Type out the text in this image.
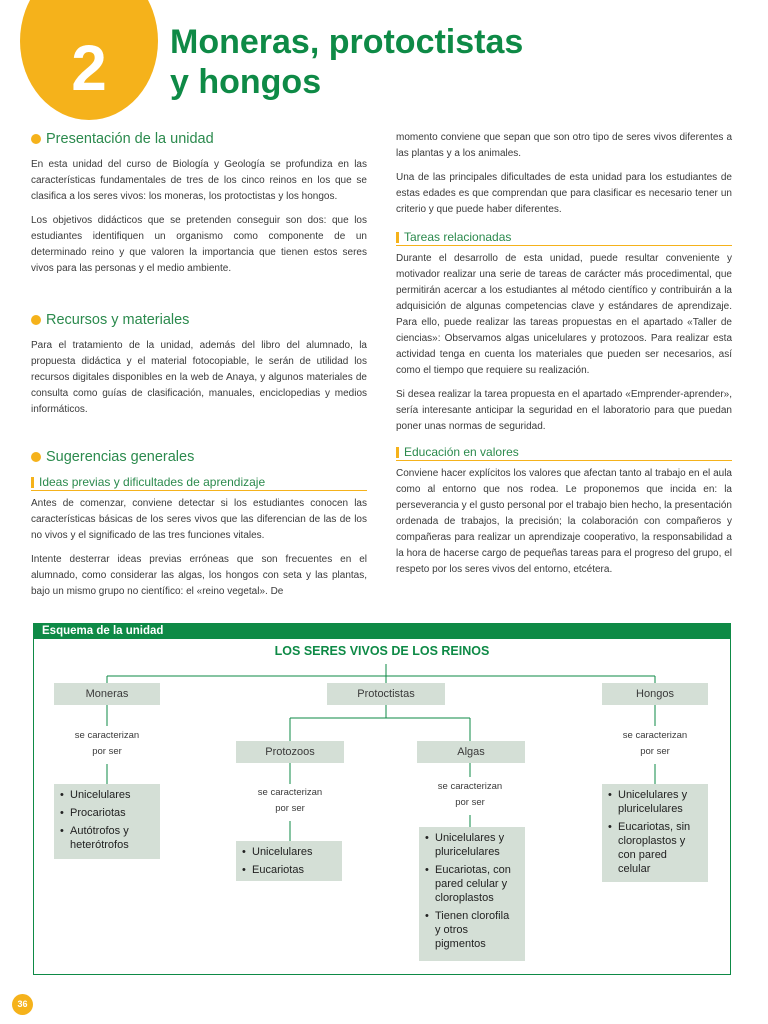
2	Moneras, protoctistas
y hongos
Presentación de la unidad

En esta unidad del curso de Biología y Geología se profundiza en las características fundamentales de tres de los cinco reinos en los que se clasifica a los seres vivos: los moneras, los protoctistas y los hongos.

Los objetivos didácticos que se pretenden conseguir son dos: que los estudiantes identifiquen un organismo como componente de un determinado reino y que valoren la importancia que tienen estos seres vivos para las personas y el medio ambiente.

Recursos y materiales

Para el tratamiento de la unidad, además del libro del alumnado, la propuesta didáctica y el material fotocopiable, le serán de utilidad los recursos digitales disponibles en la web de Anaya, y algunos materiales de consulta como guías de clasificación, manuales, enciclopedias y medios informáticos.

Sugerencias generales
Ideas previas y dificultades de aprendizaje

Antes de comenzar, conviene detectar si los estudiantes conocen las características básicas de los seres vivos que las diferencian de las de los no vivos y el significado de las tres funciones vitales.

Intente desterrar ideas previas erróneas que son frecuentes en el alumnado, como considerar las algas, los hongos con seta y las plantas, bajo un mismo grupo no científico: el «reino vegetal». De

momento conviene que sepan que son otro tipo de seres vivos diferentes a las plantas y a los animales.

Una de las principales dificultades de esta unidad para los estudiantes de estas edades es que comprendan que para clasificar es necesario tener un criterio y que puede haber diferentes.

Tareas relacionadas

Durante el desarrollo de esta unidad, puede resultar conveniente y motivador realizar una serie de tareas de carácter más procedimental, que permitirán acercar a los estudiantes al método científico y contribuirán a la adquisición de algunas competencias clave y estándares de aprendizaje. Para ello, puede realizar las tareas propuestas en el apartado «Taller de ciencias»: Observamos algas unicelulares y protozoos. Para realizar esta actividad tenga en cuenta los materiales que pueden ser necesarios, así como el tiempo que requiere su realización.

Si desea realizar la tarea propuesta en el apartado «Emprender-aprender», sería interesante anticipar la seguridad en el laboratorio para que puedan poner unas normas de seguridad.

Educación en valores

Conviene hacer explícitos los valores que afectan tanto al trabajo en el aula como al entorno que nos rodea. Le proponemos que incida en: la perseverancia y el gusto personal por el trabajo bien hecho, la presentación ordenada de trabajos, la precisión; la colaboración con compañeros y compañeras para realizar un aprendizaje cooperativo, la responsabilidad a la hora de hacerse cargo de pequeñas tareas para el progreso del grupo, el respeto por los seres vivos del entorno, etcétera.

Esquema de la unidad
LOS SERES VIVOS DE LOS REINOS
Moneras	Protoctistas	Hongos
Protozoos	Algas
se caracterizan
por ser
se caracterizan
por ser
se caracterizan
por ser
se caracterizan
por ser
• Unicelulares
• Procariotas
• Autótrofos y
heterótrofos
• Unicelulares
• Eucariotas
• Unicelulares y
pluricelulares
• Eucariotas, con
pared celular y
cloroplastos
• Tienen clorofila
y otros
pigmentos
• Unicelulares y
pluricelulares
• Eucariotas, sin
cloroplastos y
con pared
celular
36
